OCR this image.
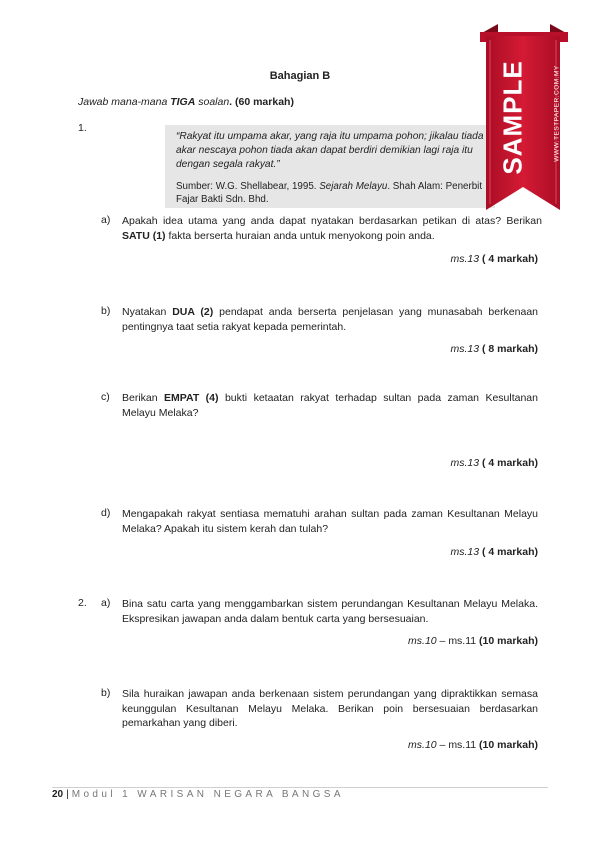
Bahagian B
Jawab mana-mana TIGA soalan. (60 markah)
1.
“Rakyat itu umpama akar, yang raja itu umpama pohon; jikalau tiada akar nescaya pohon tiada akan dapat berdiri demikian lagi raja itu dengan segala rakyat.”
Sumber: W.G. Shellabear, 1995. Sejarah Melayu. Shah Alam: Penerbit Fajar Bakti Sdn. Bhd.
a) Apakah idea utama yang anda dapat nyatakan berdasarkan petikan di atas? Berikan SATU (1) fakta berserta huraian anda untuk menyokong poin anda.
ms.13 ( 4 markah)
b) Nyatakan DUA (2) pendapat anda berserta penjelasan yang munasabah berkenaan pentingnya taat setia rakyat kepada pemerintah.
ms.13 ( 8 markah)
c) Berikan EMPAT (4) bukti ketaatan rakyat terhadap sultan pada zaman Kesultanan Melayu Melaka?
ms.13 ( 4 markah)
d) Mengapakah rakyat sentiasa mematuhi arahan sultan pada zaman Kesultanan Melayu Melaka? Apakah itu sistem kerah dan tulah?
ms.13 ( 4 markah)
2. a) Bina satu carta yang menggambarkan sistem perundangan Kesultanan Melayu Melaka. Ekspresikan jawapan anda dalam bentuk carta yang bersesuaian.
ms.10 – ms.11 (10 markah)
b) Sila huraikan jawapan anda berkenaan sistem perundangan yang dipraktikkan semasa keunggulan Kesultanan Melayu Melaka. Berikan poin bersesuaian berdasarkan pemarkahan yang diberi.
ms.10 – ms.11 (10 markah)
20 | Modul 1 WARISAN NEGARA BANGSA
SAMPLE	WWW.TESTPAPER.COM.MY
